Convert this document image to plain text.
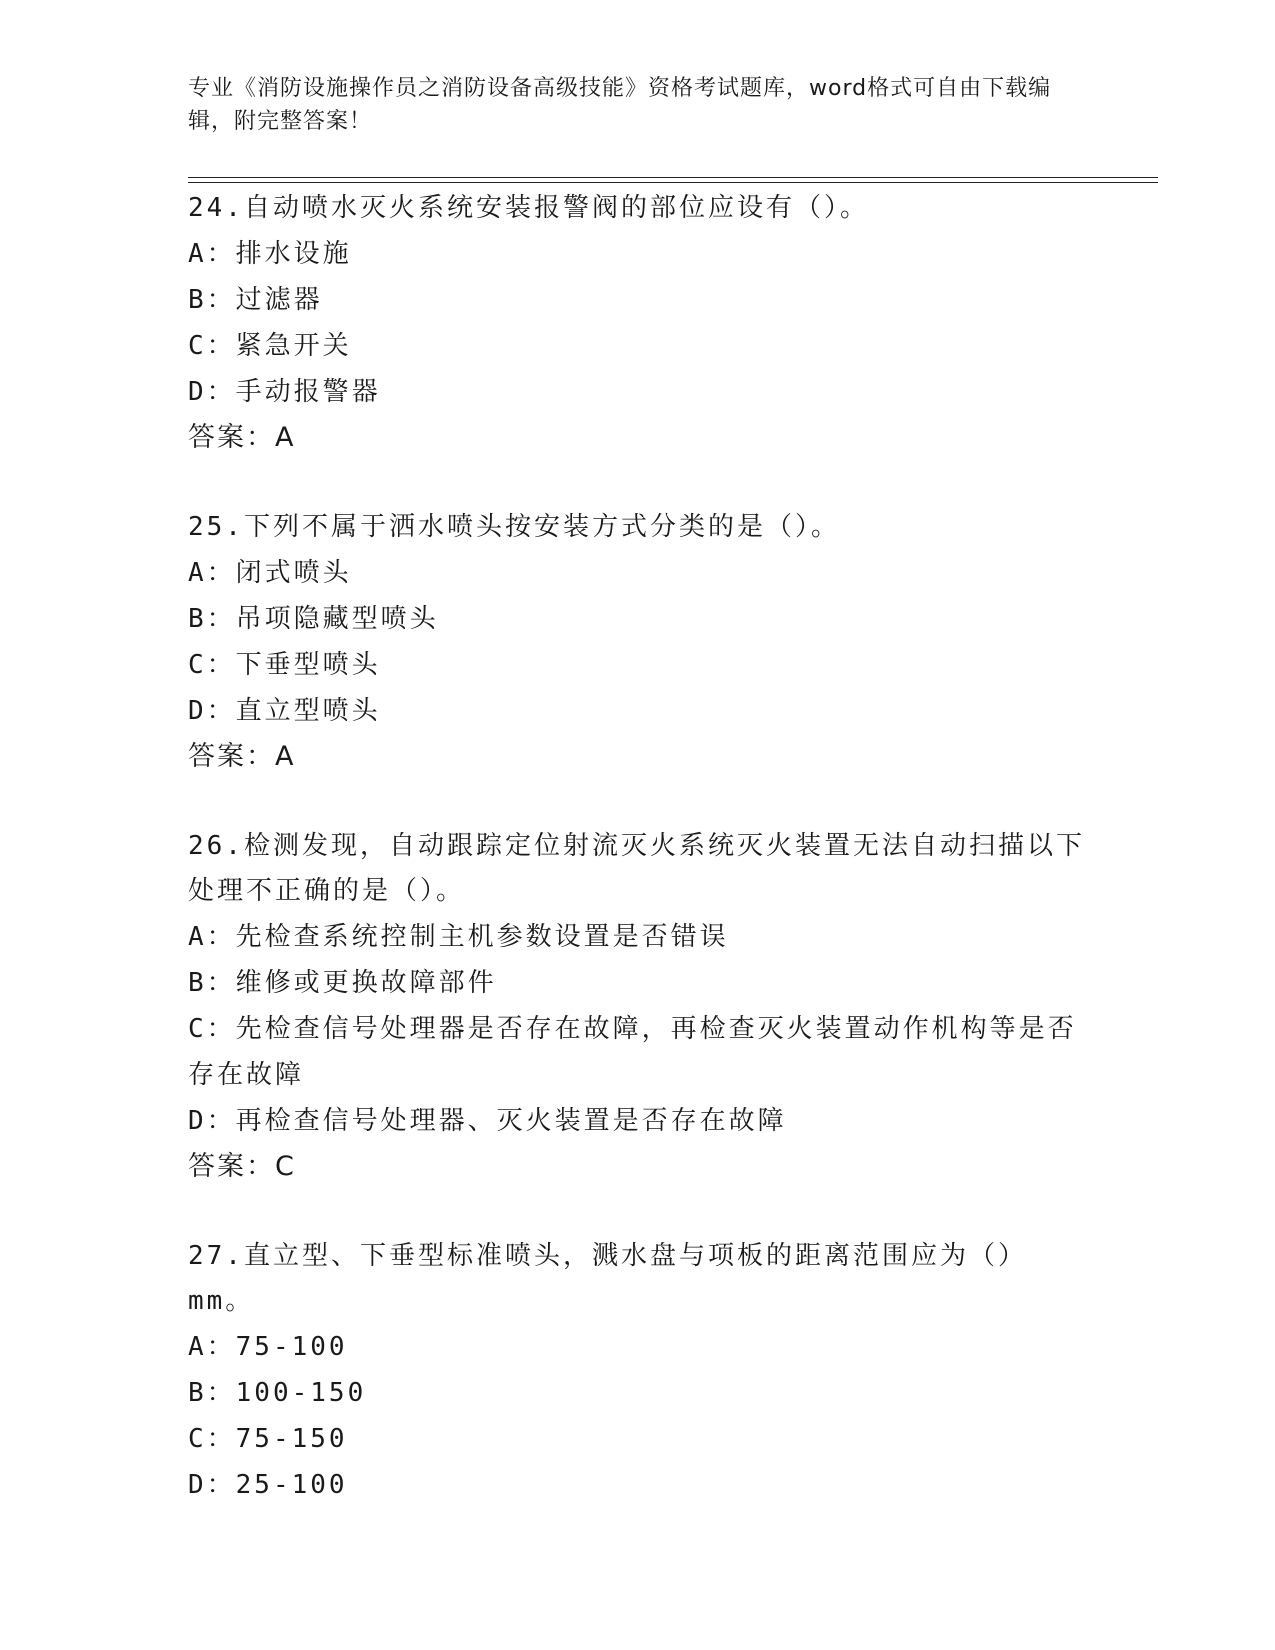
专业《消防设施操作员之消防设备高级技能》资格考试题库，word格式可自由下载编辑，附完整答案！
24.自动喷水灭火系统安装报警阀的部位应设有（）。
A：排水设施
B：过滤器
C：紧急开关
D：手动报警器
答案：A
25.下列不属于洒水喷头按安装方式分类的是（）。
A：闭式喷头
B：吊项隐藏型喷头
C：下垂型喷头
D：直立型喷头
答案：A
26.检测发现，自动跟踪定位射流灭火系统灭火装置无法自动扫描以下处理不正确的是（）。
A：先检查系统控制主机参数设置是否错误
B：维修或更换故障部件
C：先检查信号处理器是否存在故障，再检查灭火装置动作机构等是否存在故障
D：再检查信号处理器、灭火装置是否存在故障
答案：C
27.直立型、下垂型标准喷头，溅水盘与项板的距离范围应为（）mm。
A：75-100
B：100-150
C：75-150
D：25-100
